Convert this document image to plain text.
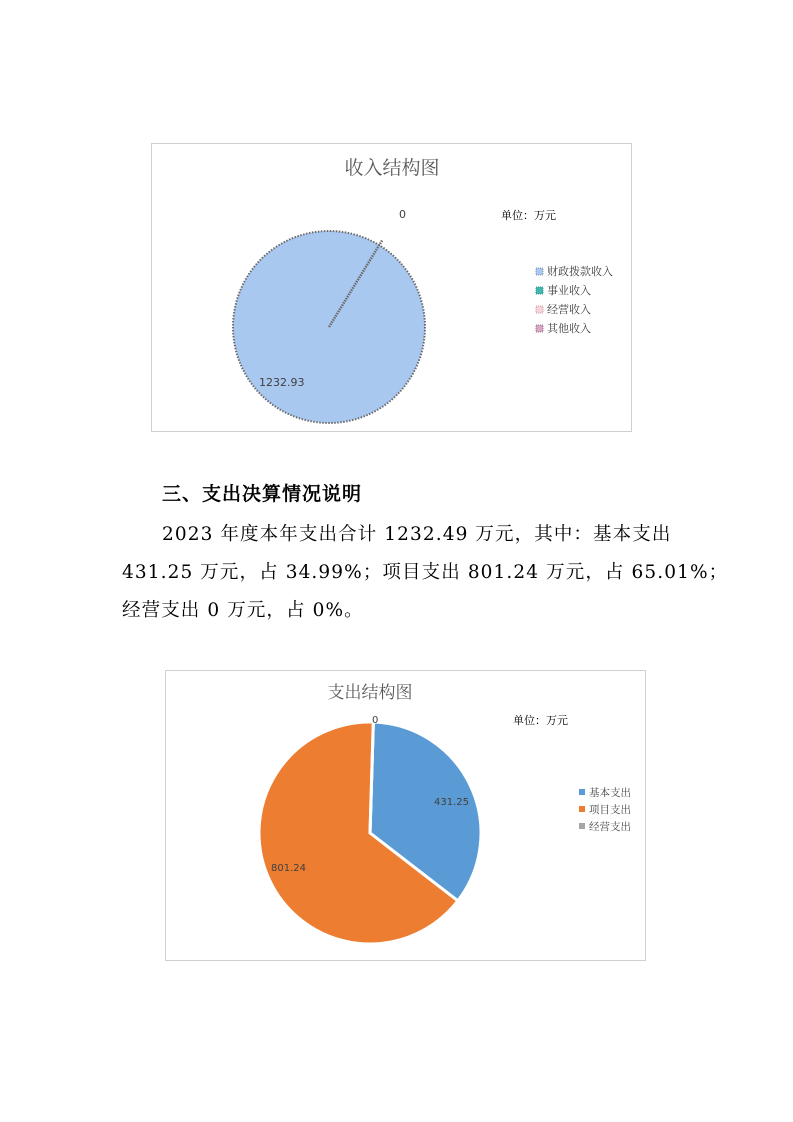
收入结构图
单位：万元
1232.93
0
财政拨款收入
事业收入
经营收入
其他收入
三、支出决算情况说明

2023 年度本年支出合计 1232.49 万元，其中：基本支出

431.25 万元，占 34.99%；项目支出 801.24 万元，占 65.01%；

经营支出 0 万元，占 0%。

支出结构图
单位：万元
431.25
801.24
0
基本支出
项目支出
经营支出
